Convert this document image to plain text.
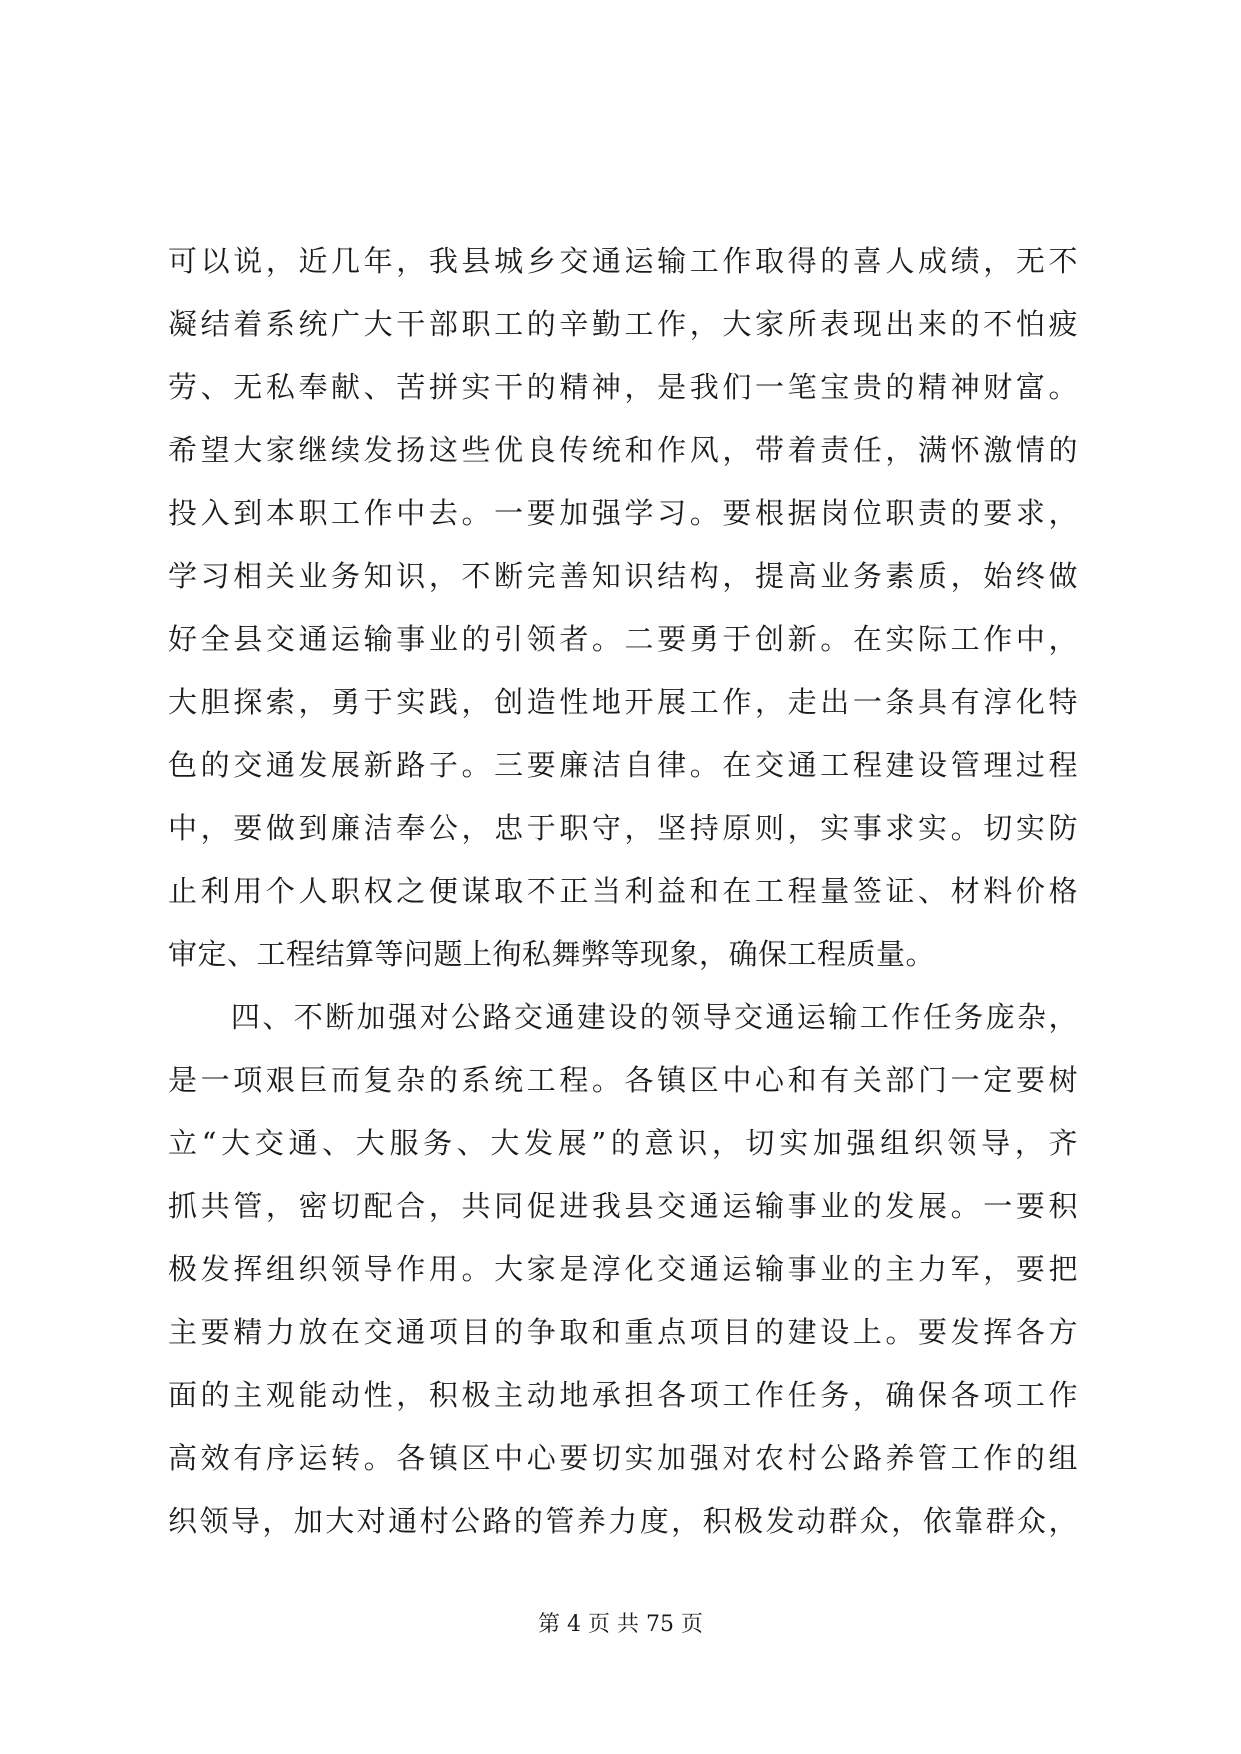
可以说，近几年，我县城乡交通运输工作取得的喜人成绩，无不
凝结着系统广大干部职工的辛勤工作，大家所表现出来的不怕疲
劳、无私奉献、苦拼实干的精神，是我们一笔宝贵的精神财富。
希望大家继续发扬这些优良传统和作风，带着责任，满怀激情的
投入到本职工作中去。一要加强学习。要根据岗位职责的要求，
学习相关业务知识，不断完善知识结构，提高业务素质，始终做
好全县交通运输事业的引领者。二要勇于创新。在实际工作中，
大胆探索，勇于实践，创造性地开展工作，走出一条具有淳化特
色的交通发展新路子。三要廉洁自律。在交通工程建设管理过程
中，要做到廉洁奉公，忠于职守，坚持原则，实事求实。切实防
止利用个人职权之便谋取不正当利益和在工程量签证、材料价格
审定、工程结算等问题上徇私舞弊等现象，确保工程质量。
　　四、不断加强对公路交通建设的领导交通运输工作任务庞杂，
是一项艰巨而复杂的系统工程。各镇区中心和有关部门一定要树
立“大交通、大服务、大发展”的意识，切实加强组织领导，齐
抓共管，密切配合，共同促进我县交通运输事业的发展。一要积
极发挥组织领导作用。大家是淳化交通运输事业的主力军，要把
主要精力放在交通项目的争取和重点项目的建设上。要发挥各方
面的主观能动性，积极主动地承担各项工作任务，确保各项工作
高效有序运转。各镇区中心要切实加强对农村公路养管工作的组
织领导，加大对通村公路的管养力度，积极发动群众，依靠群众，
第 4 页 共 75 页
